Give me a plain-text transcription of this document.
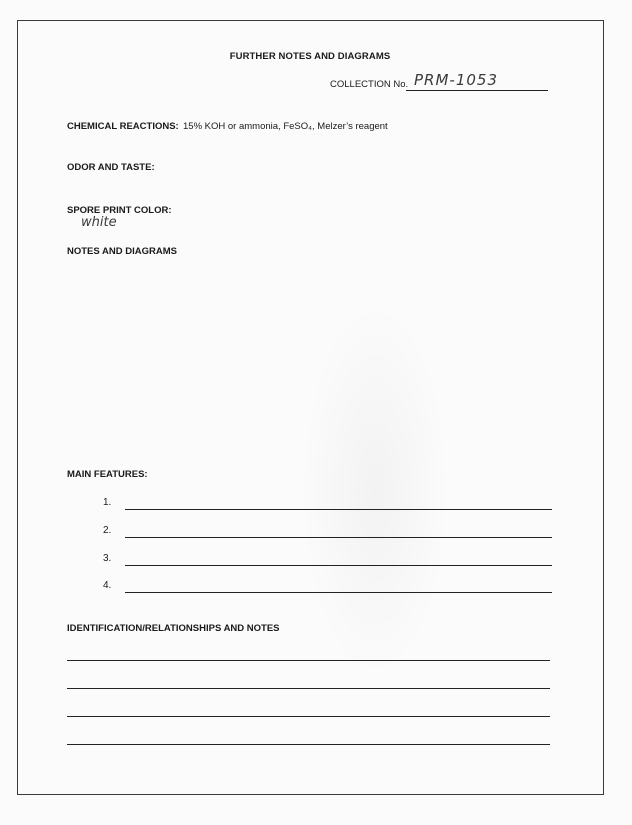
FURTHER NOTES AND DIAGRAMS
COLLECTION No. PRM-1053
CHEMICAL REACTIONS: 15% KOH or ammonia, FeSO₄, Melzer’s reagent
ODOR AND TASTE:
SPORE PRINT COLOR:
white
NOTES AND DIAGRAMS
MAIN FEATURES:
1.
2.
3.
4.
IDENTIFICATION/RELATIONSHIPS AND NOTES
